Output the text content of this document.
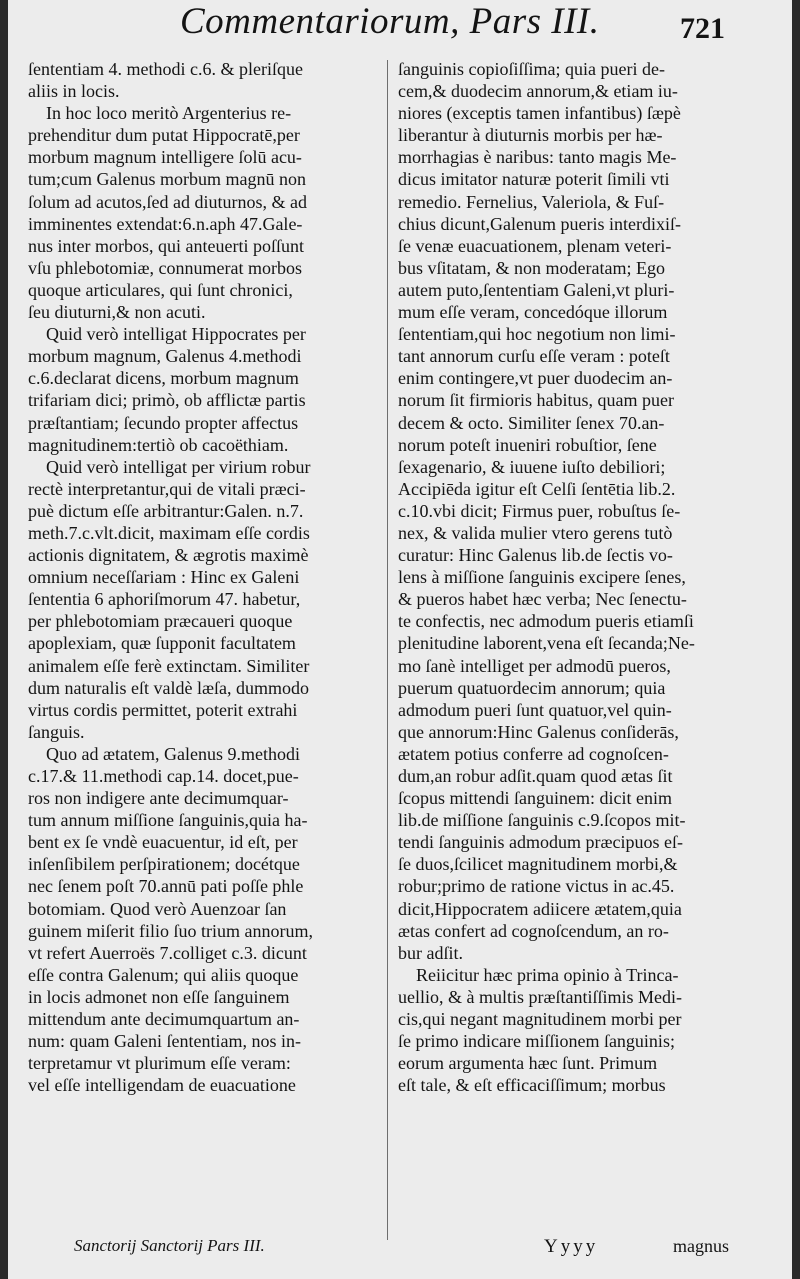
Commentariorum, Pars III.	721
ſententiam 4. methodi c.6. & pleriſque
aliis in locis.
In hoc loco meritò Argenterius re-
prehenditur dum putat Hippocratē,per
morbum magnum intelligere ſolū acu-
tum;cum Galenus morbum magnū non
ſolum ad acutos,ſed ad diuturnos, & ad
imminentes extendat:6.n.aph 47.Gale-
nus inter morbos, qui anteuerti poſſunt
vſu phlebotomiæ, connumerat morbos
quoque articulares, qui ſunt chronici,
ſeu diuturni,& non acuti.
Quid verò intelligat Hippocrates per
morbum magnum, Galenus 4.methodi
c.6.declarat dicens, morbum magnum
trifariam dici; primò, ob afflictæ partis
præſtantiam; ſecundo propter affectus
magnitudinem:tertiò ob cacoëthiam.
Quid verò intelligat per virium robur
rectè interpretantur,qui de vitali præci-
puè dictum eſſe arbitrantur:Galen. n.7.
meth.7.c.vlt.dicit, maximam eſſe cordis
actionis dignitatem, & ægrotis maximè
omnium neceſſariam : Hinc ex Galeni
ſententia 6 aphoriſmorum 47. habetur,
per phlebotomiam præcaueri quoque
apoplexiam, quæ ſupponit facultatem
animalem eſſe ferè extinctam. Similiter
dum naturalis eſt valdè læſa, dummodo
virtus cordis permittet, poterit extrahi
ſanguis.
Quo ad ætatem, Galenus 9.methodi
c.17.& 11.methodi cap.14. docet,pue-
ros non indigere ante decimumquar-
tum annum miſſione ſanguinis,quia ha-
bent ex ſe vndè euacuentur, id eſt, per
inſenſibilem perſpirationem; docétque
nec ſenem poſt 70.annū pati poſſe phle
botomiam. Quod verò Auenzoar ſan
guinem miſerit filio ſuo trium annorum,
vt refert Auerroës 7.colliget c.3. dicunt
eſſe contra Galenum; qui aliis quoque
in locis admonet non eſſe ſanguinem
mittendum ante decimumquartum an-
num: quam Galeni ſententiam, nos in-
terpretamur vt plurimum eſſe veram:
vel eſſe intelligendam de euacuatione
ſanguinis copioſiſſima; quia pueri de-
cem,& duodecim annorum,& etiam iu-
niores (exceptis tamen infantibus) ſæpè
liberantur à diuturnis morbis per hæ-
morrhagias è naribus: tanto magis Me-
dicus imitator naturæ poterit ſimili vti
remedio. Fernelius, Valeriola, & Fuſ-
chius dicunt,Galenum pueris interdixiſ-
ſe venæ euacuationem, plenam veteri-
bus vſitatam, & non moderatam; Ego
autem puto,ſententiam Galeni,vt pluri-
mum eſſe veram, concedóque illorum
ſententiam,qui hoc negotium non limi-
tant annorum curſu eſſe veram : poteſt
enim contingere,vt puer duodecim an-
norum ſit firmioris habitus, quam puer
decem & octo. Similiter ſenex 70.an-
norum poteſt inueniri robuſtior, ſene
ſexagenario, & iuuene iuſto debiliori;
Accipiēda igitur eſt Celſi ſentētia lib.2.
c.10.vbi dicit; Firmus puer, robuſtus ſe-
nex, & valida mulier vtero gerens tutò
curatur: Hinc Galenus lib.de ſectis vo-
lens à miſſione ſanguinis excipere ſenes,
& pueros habet hæc verba; Nec ſenectu-
te confectis, nec admodum pueris etiamſi
plenitudine laborent,vena eſt ſecanda;Ne-
mo ſanè intelliget per admodū pueros,
puerum quatuordecim annorum; quia
admodum pueri ſunt quatuor,vel quin-
que annorum:Hinc Galenus conſiderās,
ætatem potius conferre ad cognoſcen-
dum,an robur adſit.quam quod ætas ſit
ſcopus mittendi ſanguinem: dicit enim
lib.de miſſione ſanguinis c.9.ſcopos mit-
tendi ſanguinis admodum præcipuos eſ-
ſe duos,ſcilicet magnitudinem morbi,&
robur;primo de ratione victus in ac.45.
dicit,Hippocratem adiicere ætatem,quia
ætas confert ad cognoſcendum, an ro-
bur adſit.
Reiicitur hæc prima opinio à Trinca-
uellio, & à multis præſtantiſſimis Medi-
cis,qui negant magnitudinem morbi per
ſe primo indicare miſſionem ſanguinis;
eorum argumenta hæc ſunt. Primum
eſt tale, & eſt efficaciſſimum; morbus
Sanctorij Sanctorij Pars III.	Yyyy	magnus
